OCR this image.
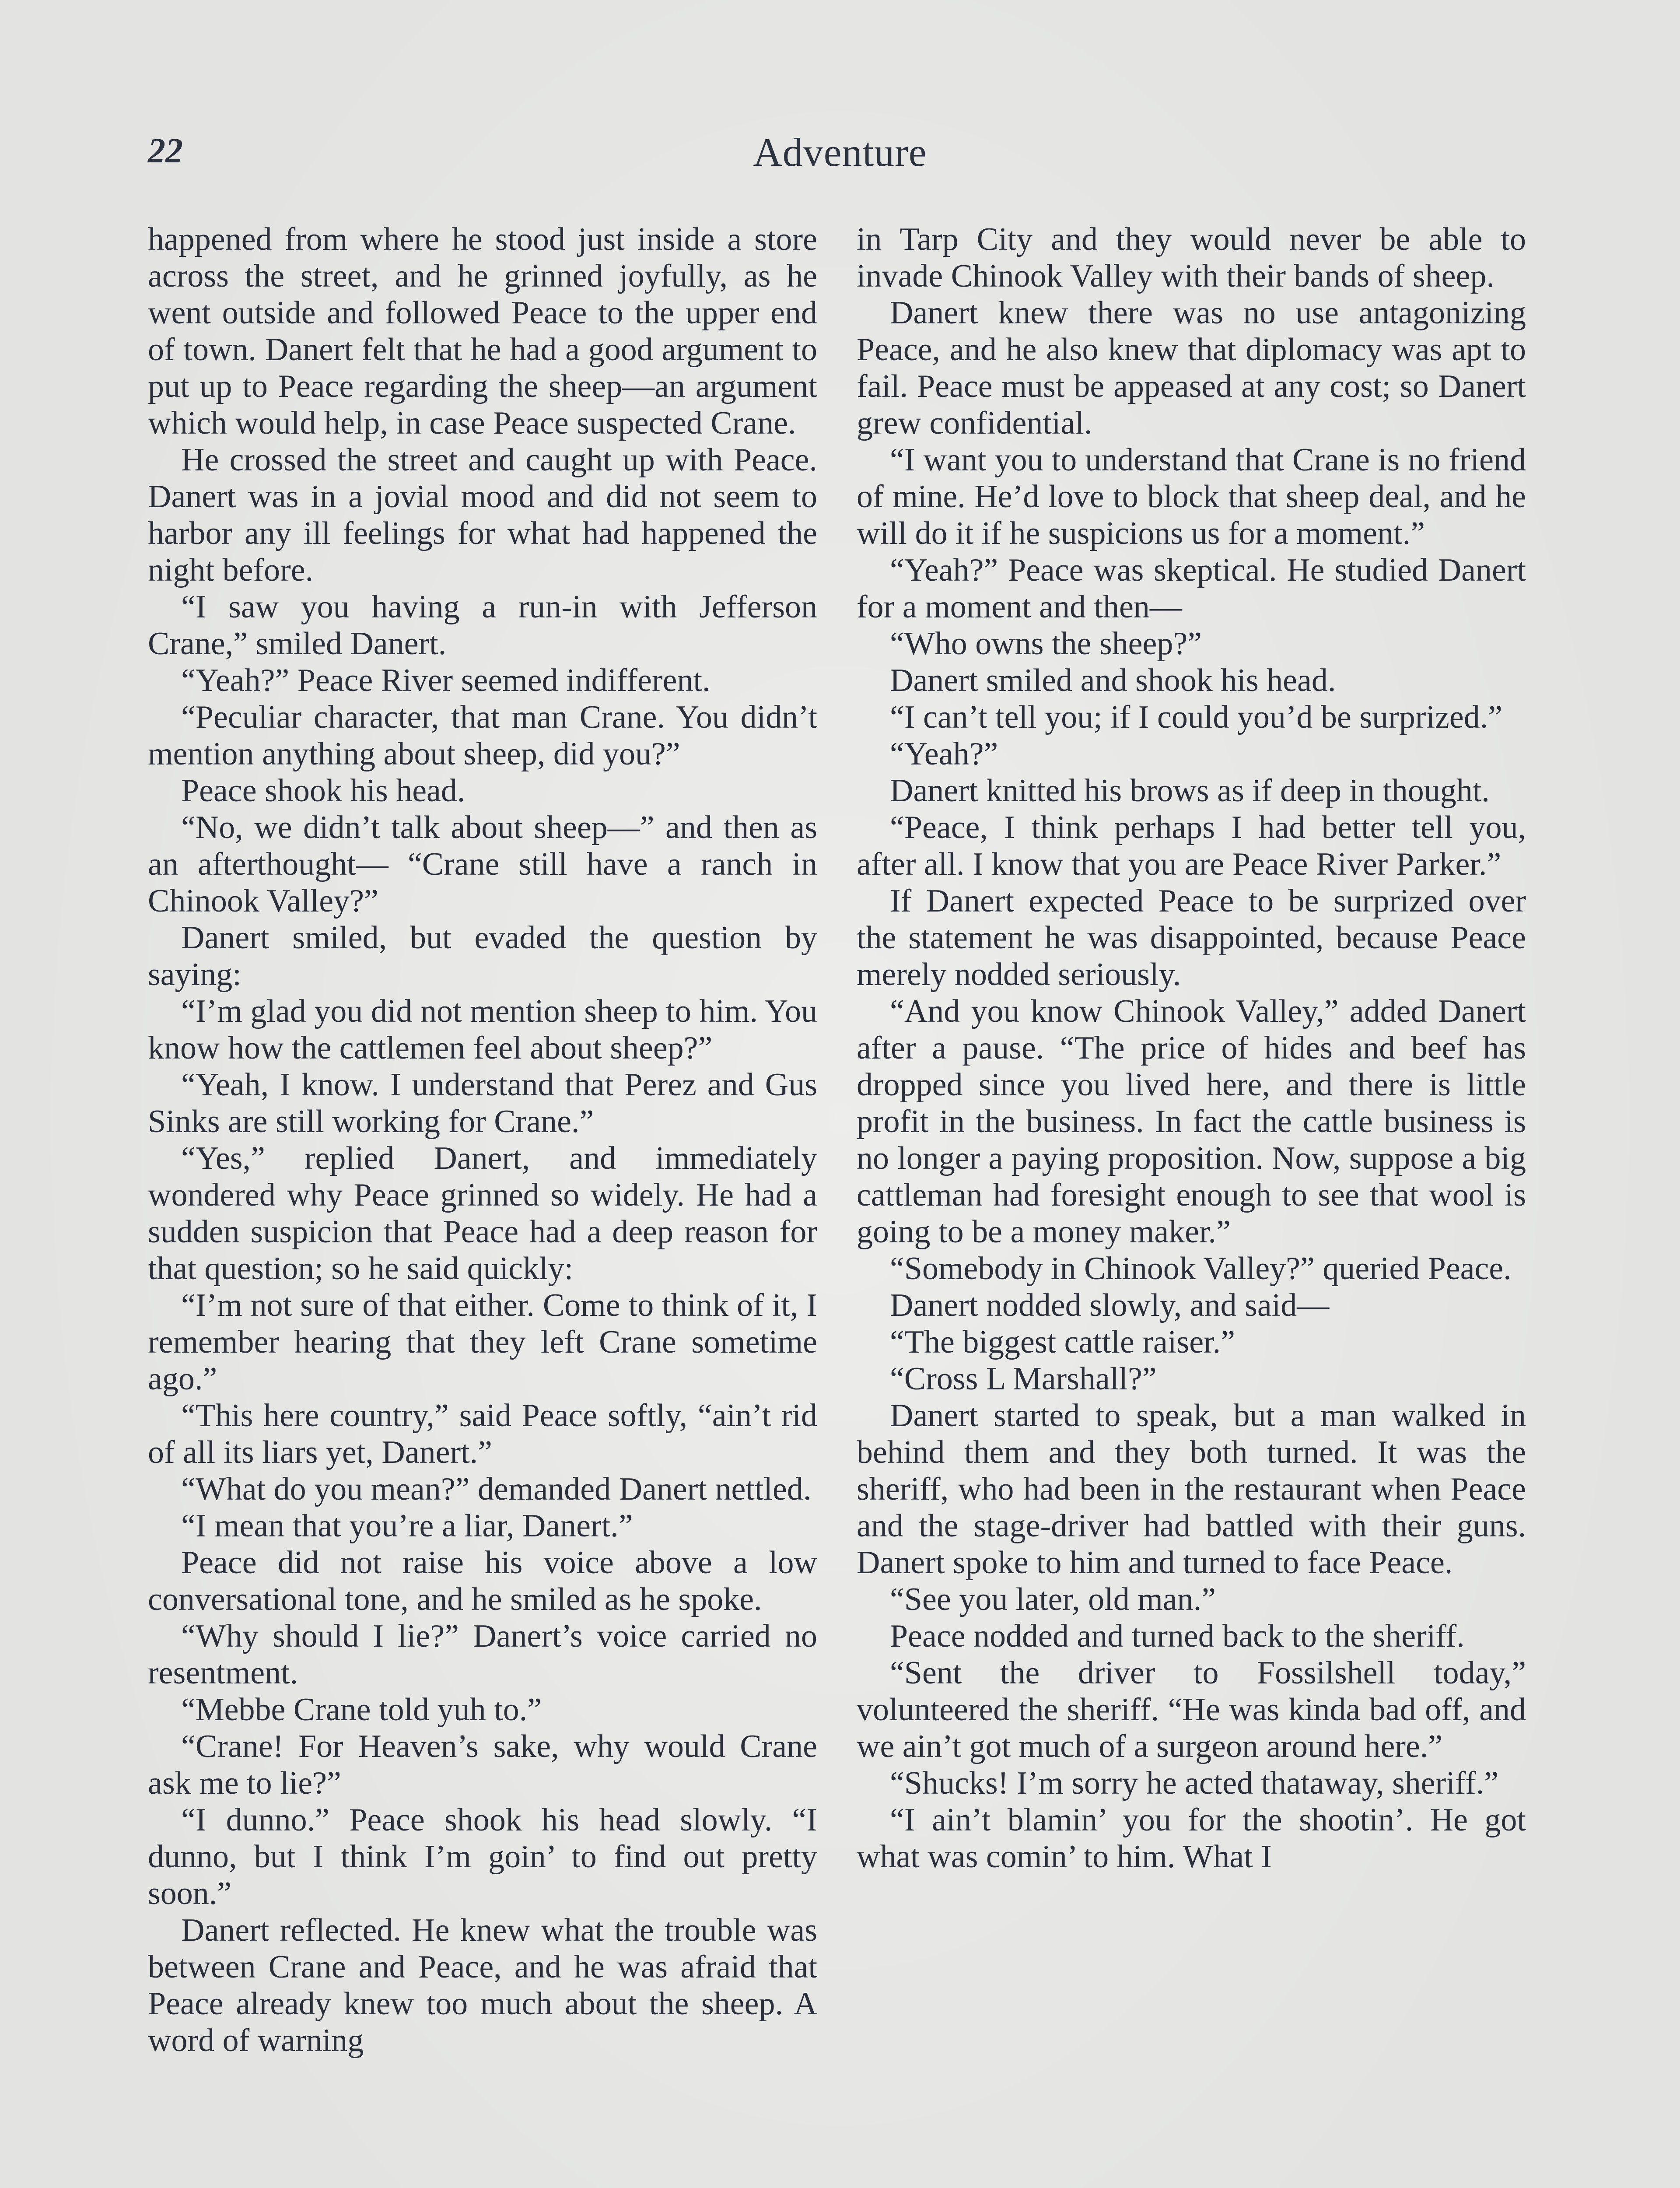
22	Adventure

happened from where he stood just inside a store across the street, and he grinned joyfully, as he went outside and followed Peace to the upper end of town. Danert felt that he had a good argument to put up to Peace regarding the sheep—an argument which would help, in case Peace suspected Crane.

He crossed the street and caught up with Peace. Danert was in a jovial mood and did not seem to harbor any ill feelings for what had happened the night before.

“I saw you having a run-in with Jefferson Crane,” smiled Danert.

“Yeah?” Peace River seemed indifferent.

“Peculiar character, that man Crane. You didn’t mention anything about sheep, did you?”

Peace shook his head.

“No, we didn’t talk about sheep—” and then as an afterthought— “Crane still have a ranch in Chinook Valley?”

Danert smiled, but evaded the question by saying:

“I’m glad you did not mention sheep to him. You know how the cattlemen feel about sheep?”

“Yeah, I know. I understand that Perez and Gus Sinks are still working for Crane.”

“Yes,” replied Danert, and immediately wondered why Peace grinned so widely. He had a sudden suspicion that Peace had a deep reason for that question; so he said quickly:

“I’m not sure of that either. Come to think of it, I remember hearing that they left Crane sometime ago.”

“This here country,” said Peace softly, “ain’t rid of all its liars yet, Danert.”

“What do you mean?” demanded Danert nettled.

“I mean that you’re a liar, Danert.”

Peace did not raise his voice above a low conversational tone, and he smiled as he spoke.

“Why should I lie?” Danert’s voice carried no resentment.

“Mebbe Crane told yuh to.”

“Crane! For Heaven’s sake, why would Crane ask me to lie?”

“I dunno.” Peace shook his head slowly. “I dunno, but I think I’m goin’ to find out pretty soon.”

Danert reflected. He knew what the trouble was between Crane and Peace, and he was afraid that Peace already knew too much about the sheep. A word of warning

in Tarp City and they would never be able to invade Chinook Valley with their bands of sheep.

Danert knew there was no use antagonizing Peace, and he also knew that diplomacy was apt to fail. Peace must be appeased at any cost; so Danert grew confidential.

“I want you to understand that Crane is no friend of mine. He’d love to block that sheep deal, and he will do it if he suspicions us for a moment.”

“Yeah?” Peace was skeptical. He studied Danert for a moment and then—

“Who owns the sheep?”

Danert smiled and shook his head.

“I can’t tell you; if I could you’d be surprized.”

“Yeah?”

Danert knitted his brows as if deep in thought.

“Peace, I think perhaps I had better tell you, after all. I know that you are Peace River Parker.”

If Danert expected Peace to be surprized over the statement he was disappointed, because Peace merely nodded seriously.

“And you know Chinook Valley,” added Danert after a pause. “The price of hides and beef has dropped since you lived here, and there is little profit in the business. In fact the cattle business is no longer a paying proposition. Now, suppose a big cattleman had foresight enough to see that wool is going to be a money maker.”

“Somebody in Chinook Valley?” queried Peace.

Danert nodded slowly, and said—

“The biggest cattle raiser.”

“Cross L Marshall?”

Danert started to speak, but a man walked in behind them and they both turned. It was the sheriff, who had been in the restaurant when Peace and the stage-driver had battled with their guns. Danert spoke to him and turned to face Peace.

“See you later, old man.”

Peace nodded and turned back to the sheriff.

“Sent the driver to Fossilshell today,” volunteered the sheriff. “He was kinda bad off, and we ain’t got much of a surgeon around here.”

“Shucks! I’m sorry he acted thataway, sheriff.”

“I ain’t blamin’ you for the shootin’. He got what was comin’ to him. What I
